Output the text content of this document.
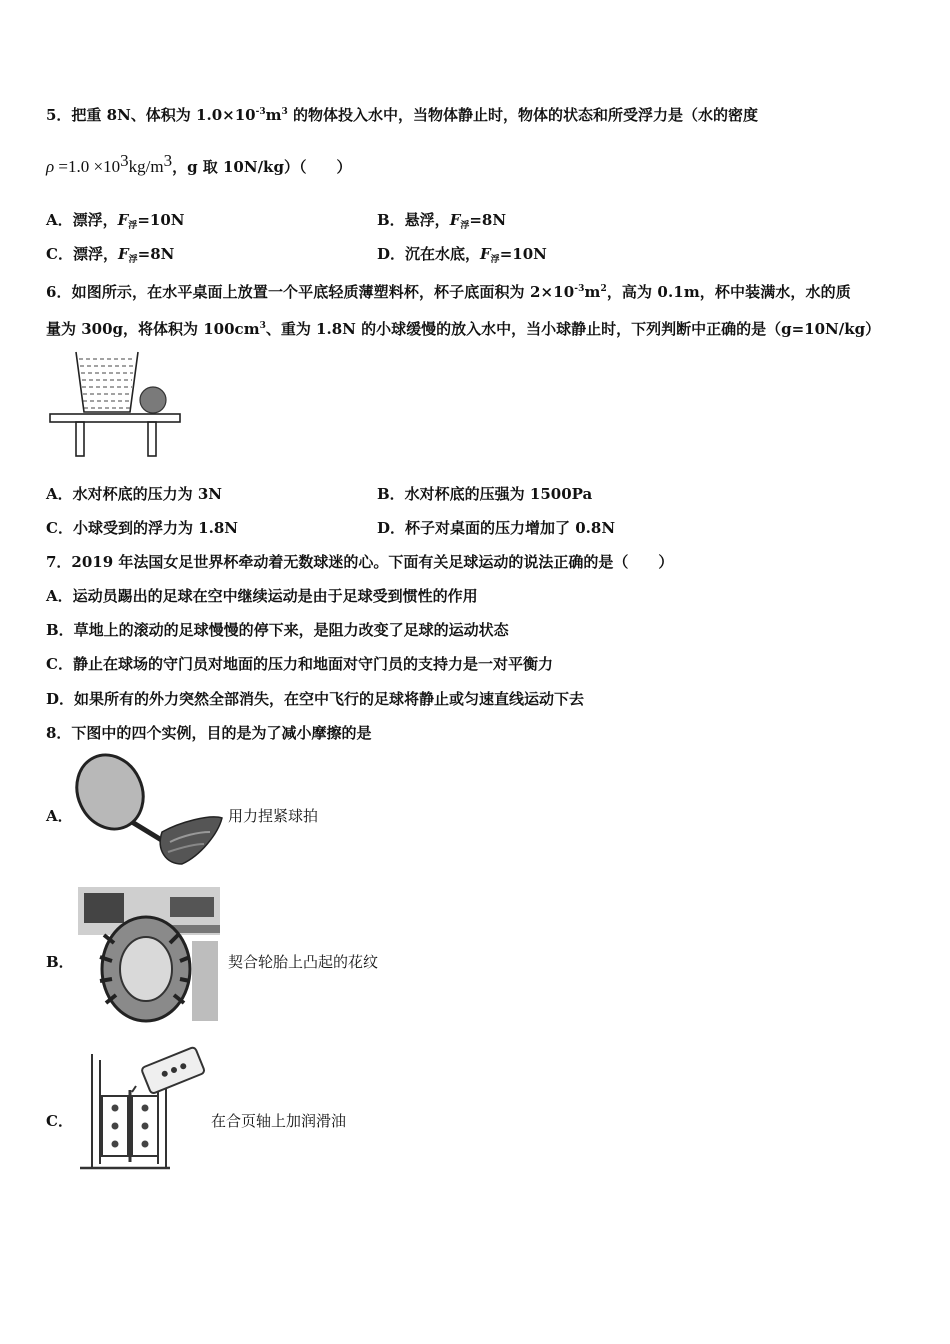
5．把重 8N、体积为 $1.0\times 10^{-3}m^3$ 的物体投入水中，当物体静止时，物体的状态和所受浮力是（水的密度
$\rho =1.0 \times 10^3kg/m^3$，g 取 10N/kg）（　　）
A．漂浮，$F_浮=10N$	B．悬浮，$F_浮=8N$
C．漂浮，$F_浮=8N$	D．沉在水底，$F_浮=10N$
6．如图所示，在水平桌面上放置一个平底轻质薄塑料杯，杯子底面积为 $2\times 10^{-3}m^2$，高为 0.1m，杯中装满水，水的质
量为 300g，将体积为 $100cm^3$、重为 1.8N 的小球缓慢的放入水中，当小球静止时，下列判断中正确的是（g=10N/kg）
A．水对杯底的压力为 3N	B．水对杯底的压强为 1500Pa
C．小球受到的浮力为 1.8N	D．杯子对桌面的压力增加了 0.8N
7．2019 年法国女足世界杯牵动着无数球迷的心。下面有关足球运动的说法正确的是（　　）
A．运动员踢出的足球在空中继续运动是由于足球受到惯性的作用
B．草地上的滚动的足球慢慢的停下来，是阻力改变了足球的运动状态
C．静止在球场的守门员对地面的压力和地面对守门员的支持力是一对平衡力
D．如果所有的外力突然全部消失，在空中飞行的足球将静止或匀速直线运动下去
8．下图中的四个实例，目的是为了减小摩擦的是
A．	用力捏紧球拍
B．	契合轮胎上凸起的花纹
C．	在合页轴上加润滑油
